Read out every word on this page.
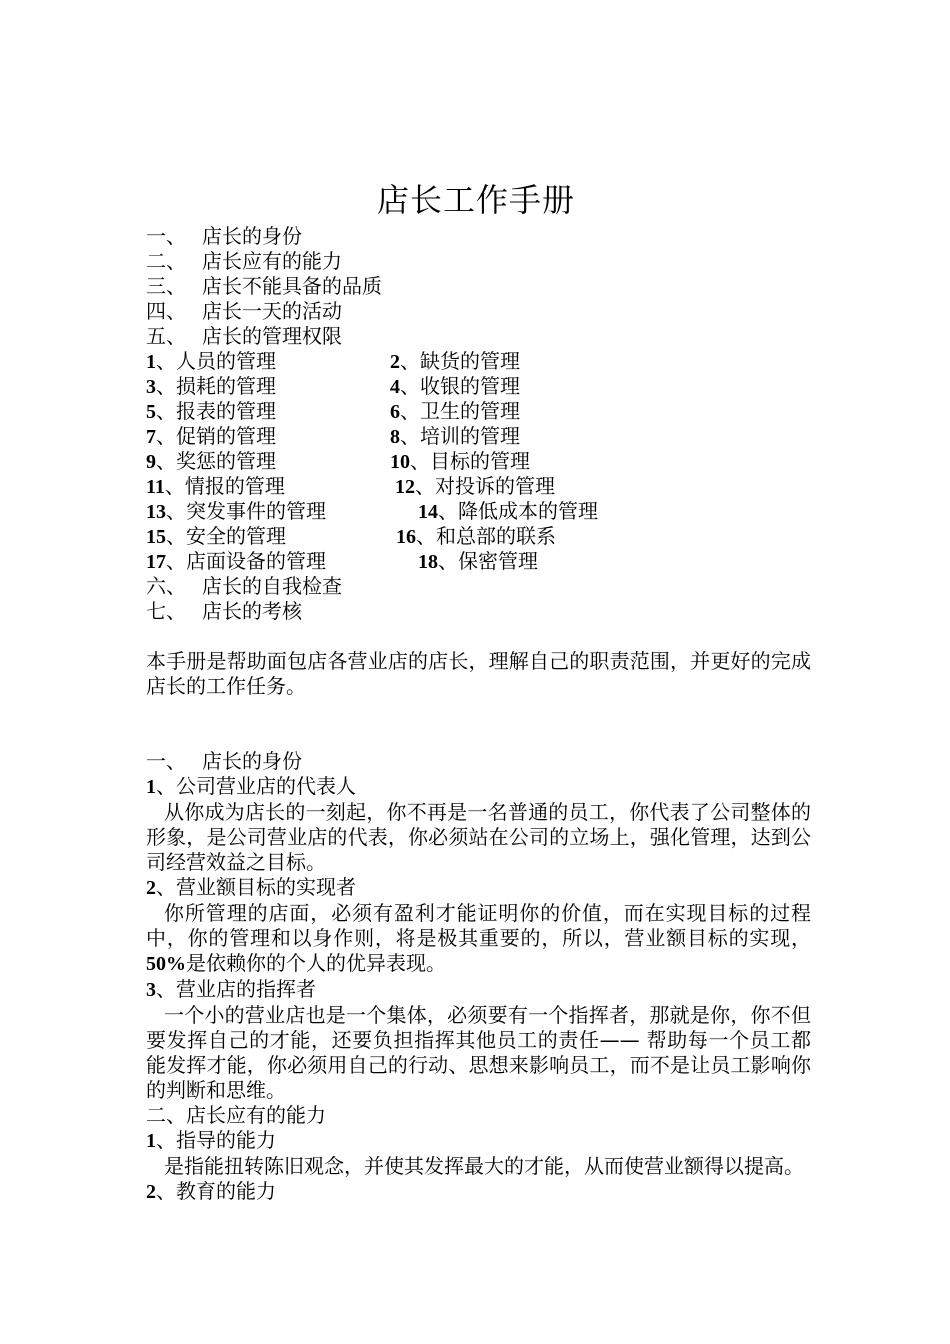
店长工作手册
一、 店长的身份
二、 店长应有的能力
三、 店长不能具备的品质
四、 店长一天的活动
五、 店长的管理权限
1、人员的管理	2、缺货的管理
3、损耗的管理	4、收银的管理
5、报表的管理	6、卫生的管理
7、促销的管理	8、培训的管理
9、奖惩的管理	10、目标的管理
11、情报的管理	12、对投诉的管理
13、突发事件的管理	14、降低成本的管理
15、安全的管理	16、和总部的联系
17、店面设备的管理	18、保密管理
六、 店长的自我检查
七、 店长的考核

本手册是帮助面包店各营业店的店长，理解自己的职责范围，并更好的完成店长的工作任务。

一、 店长的身份
1、公司营业店的代表人

从你成为店长的一刻起，你不再是一名普通的员工，你代表了公司整体的形象，是公司营业店的代表，你必须站在公司的立场上，强化管理，达到公司经营效益之目标。

2、营业额目标的实现者

你所管理的店面，必须有盈利才能证明你的价值，而在实现目标的过程中，你的管理和以身作则，将是极其重要的，所以，营业额目标的实现，50%是依赖你的个人的优异表现。

3、营业店的指挥者

一个小的营业店也是一个集体，必须要有一个指挥者，那就是你，你不但要发挥自己的才能，还要负担指挥其他员工的责任—— 帮助每一个员工都能发挥才能，你必须用自己的行动、思想来影响员工，而不是让员工影响你的判断和思维。

二、店长应有的能力
1、指导的能力

是指能扭转陈旧观念，并使其发挥最大的才能，从而使营业额得以提高。

2、教育的能力
